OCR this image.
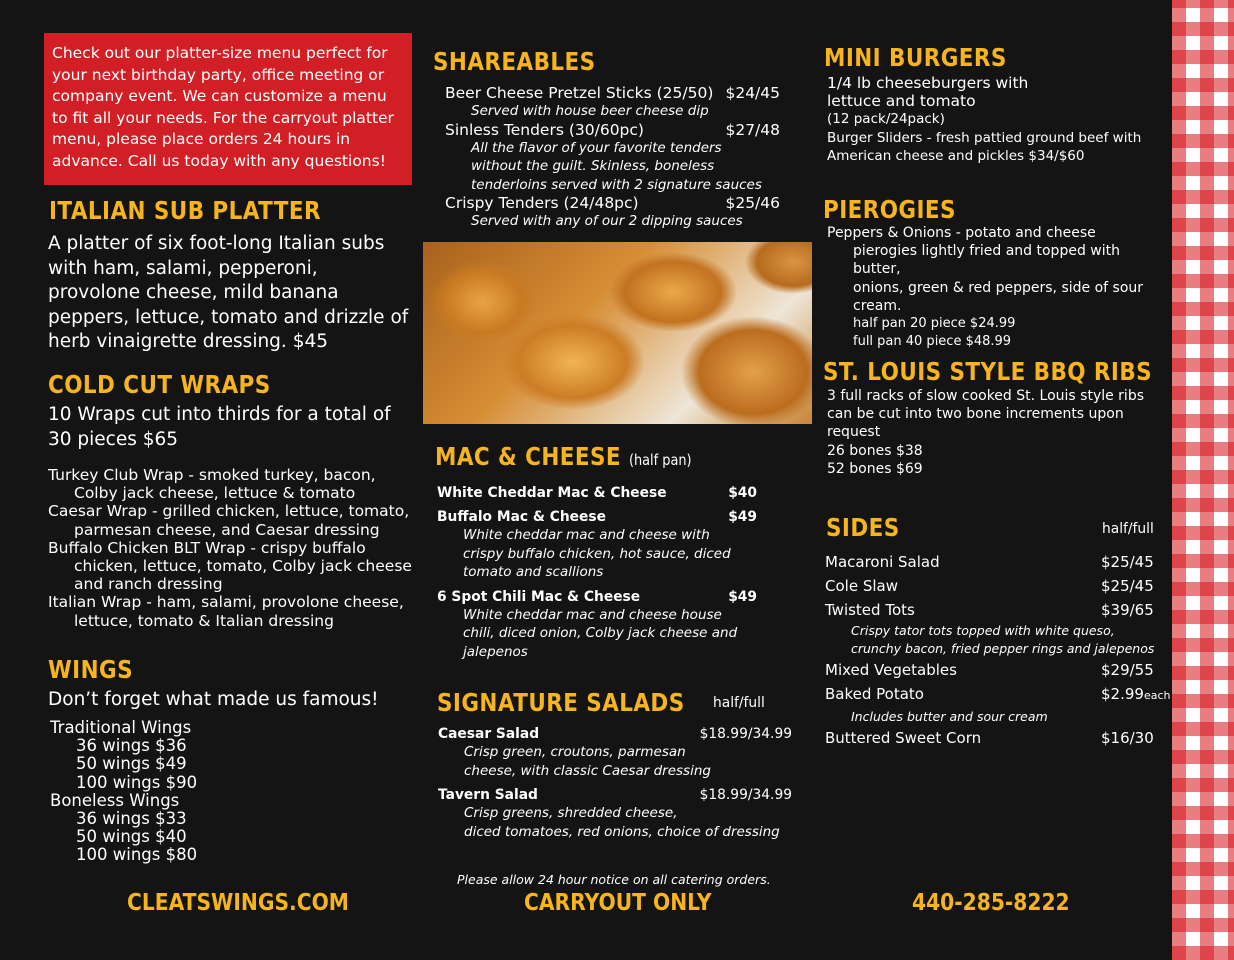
Check out our platter-size menu perfect for your next birthday party, office meeting or company event. We can customize a menu to fit all your needs. For the carryout platter menu, please place orders 24 hours in advance. Call us today with any questions!
ITALIAN SUB PLATTER
A platter of six foot-long Italian subs with ham, salami, pepperoni, provolone cheese, mild banana peppers, lettuce, tomato and drizzle of herb vinaigrette dressing. $45
COLD CUT WRAPS
10 Wraps cut into thirds for a total of 30 pieces $65
Turkey Club Wrap - smoked turkey, bacon,
Colby jack cheese, lettuce & tomato
Caesar Wrap - grilled chicken, lettuce, tomato,
parmesan cheese, and Caesar dressing
Buffalo Chicken BLT Wrap - crispy buffalo
chicken, lettuce, tomato, Colby jack cheese
and ranch dressing
Italian Wrap - ham, salami, provolone cheese,
lettuce, tomato & Italian dressing
WINGS
Don’t forget what made us famous!
Traditional Wings
36 wings $36
50 wings $49
100 wings $90
Boneless Wings
36 wings $33
50 wings $40
100 wings $80
SHAREABLES
Beer Cheese Pretzel Sticks (25/50) $24/45
Served with house beer cheese dip
Sinless Tenders (30/60pc)	$27/48
All the flavor of your favorite tenders
without the guilt. Skinless, boneless
tenderloins served with 2 signature sauces
Crispy Tenders (24/48pc)	$25/46
Served with any of our 2 dipping sauces
MAC & CHEESE (half pan)
White Cheddar Mac & Cheese	$40
Buffalo Mac & Cheese	$49
White cheddar mac and cheese with
crispy buffalo chicken, hot sauce, diced
tomato and scallions
6 Spot Chili Mac & Cheese	$49
White cheddar mac and cheese house
chili, diced onion, Colby jack cheese and
jalepenos
SIGNATURE SALADS half/full
Caesar Salad	$18.99/34.99
Crisp green, croutons, parmesan
cheese, with classic Caesar dressing
Tavern Salad	$18.99/34.99
Crisp greens, shredded cheese,
diced tomatoes, red onions, choice of dressing
Please allow 24 hour notice on all catering orders.
MINI BURGERS
1/4 lb cheeseburgers with
lettuce and tomato
(12 pack/24pack)
Burger Sliders - fresh pattied ground beef with
American cheese and pickles $34/$60
PIEROGIES
Peppers & Onions - potato and cheese
pierogies lightly fried and topped with butter,
onions, green & red peppers, side of sour
cream.
half pan 20 piece $24.99
full pan 40 piece $48.99
ST. LOUIS STYLE BBQ RIBS
3 full racks of slow cooked St. Louis style ribs
can be cut into two bone increments upon
request
26 bones $38
52 bones $69
SIDES	half/full
Macaroni Salad	$25/45
Cole Slaw	$25/45
Twisted Tots	$39/65
Crispy tator tots topped with white queso,
crunchy bacon, fried pepper rings and jalepenos
Mixed Vegetables	$29/55
Baked Potato	$2.99each
Includes butter and sour cream
Buttered Sweet Corn	$16/30
CLEATSWINGS.COM	CARRYOUT ONLY	440-285-8222
